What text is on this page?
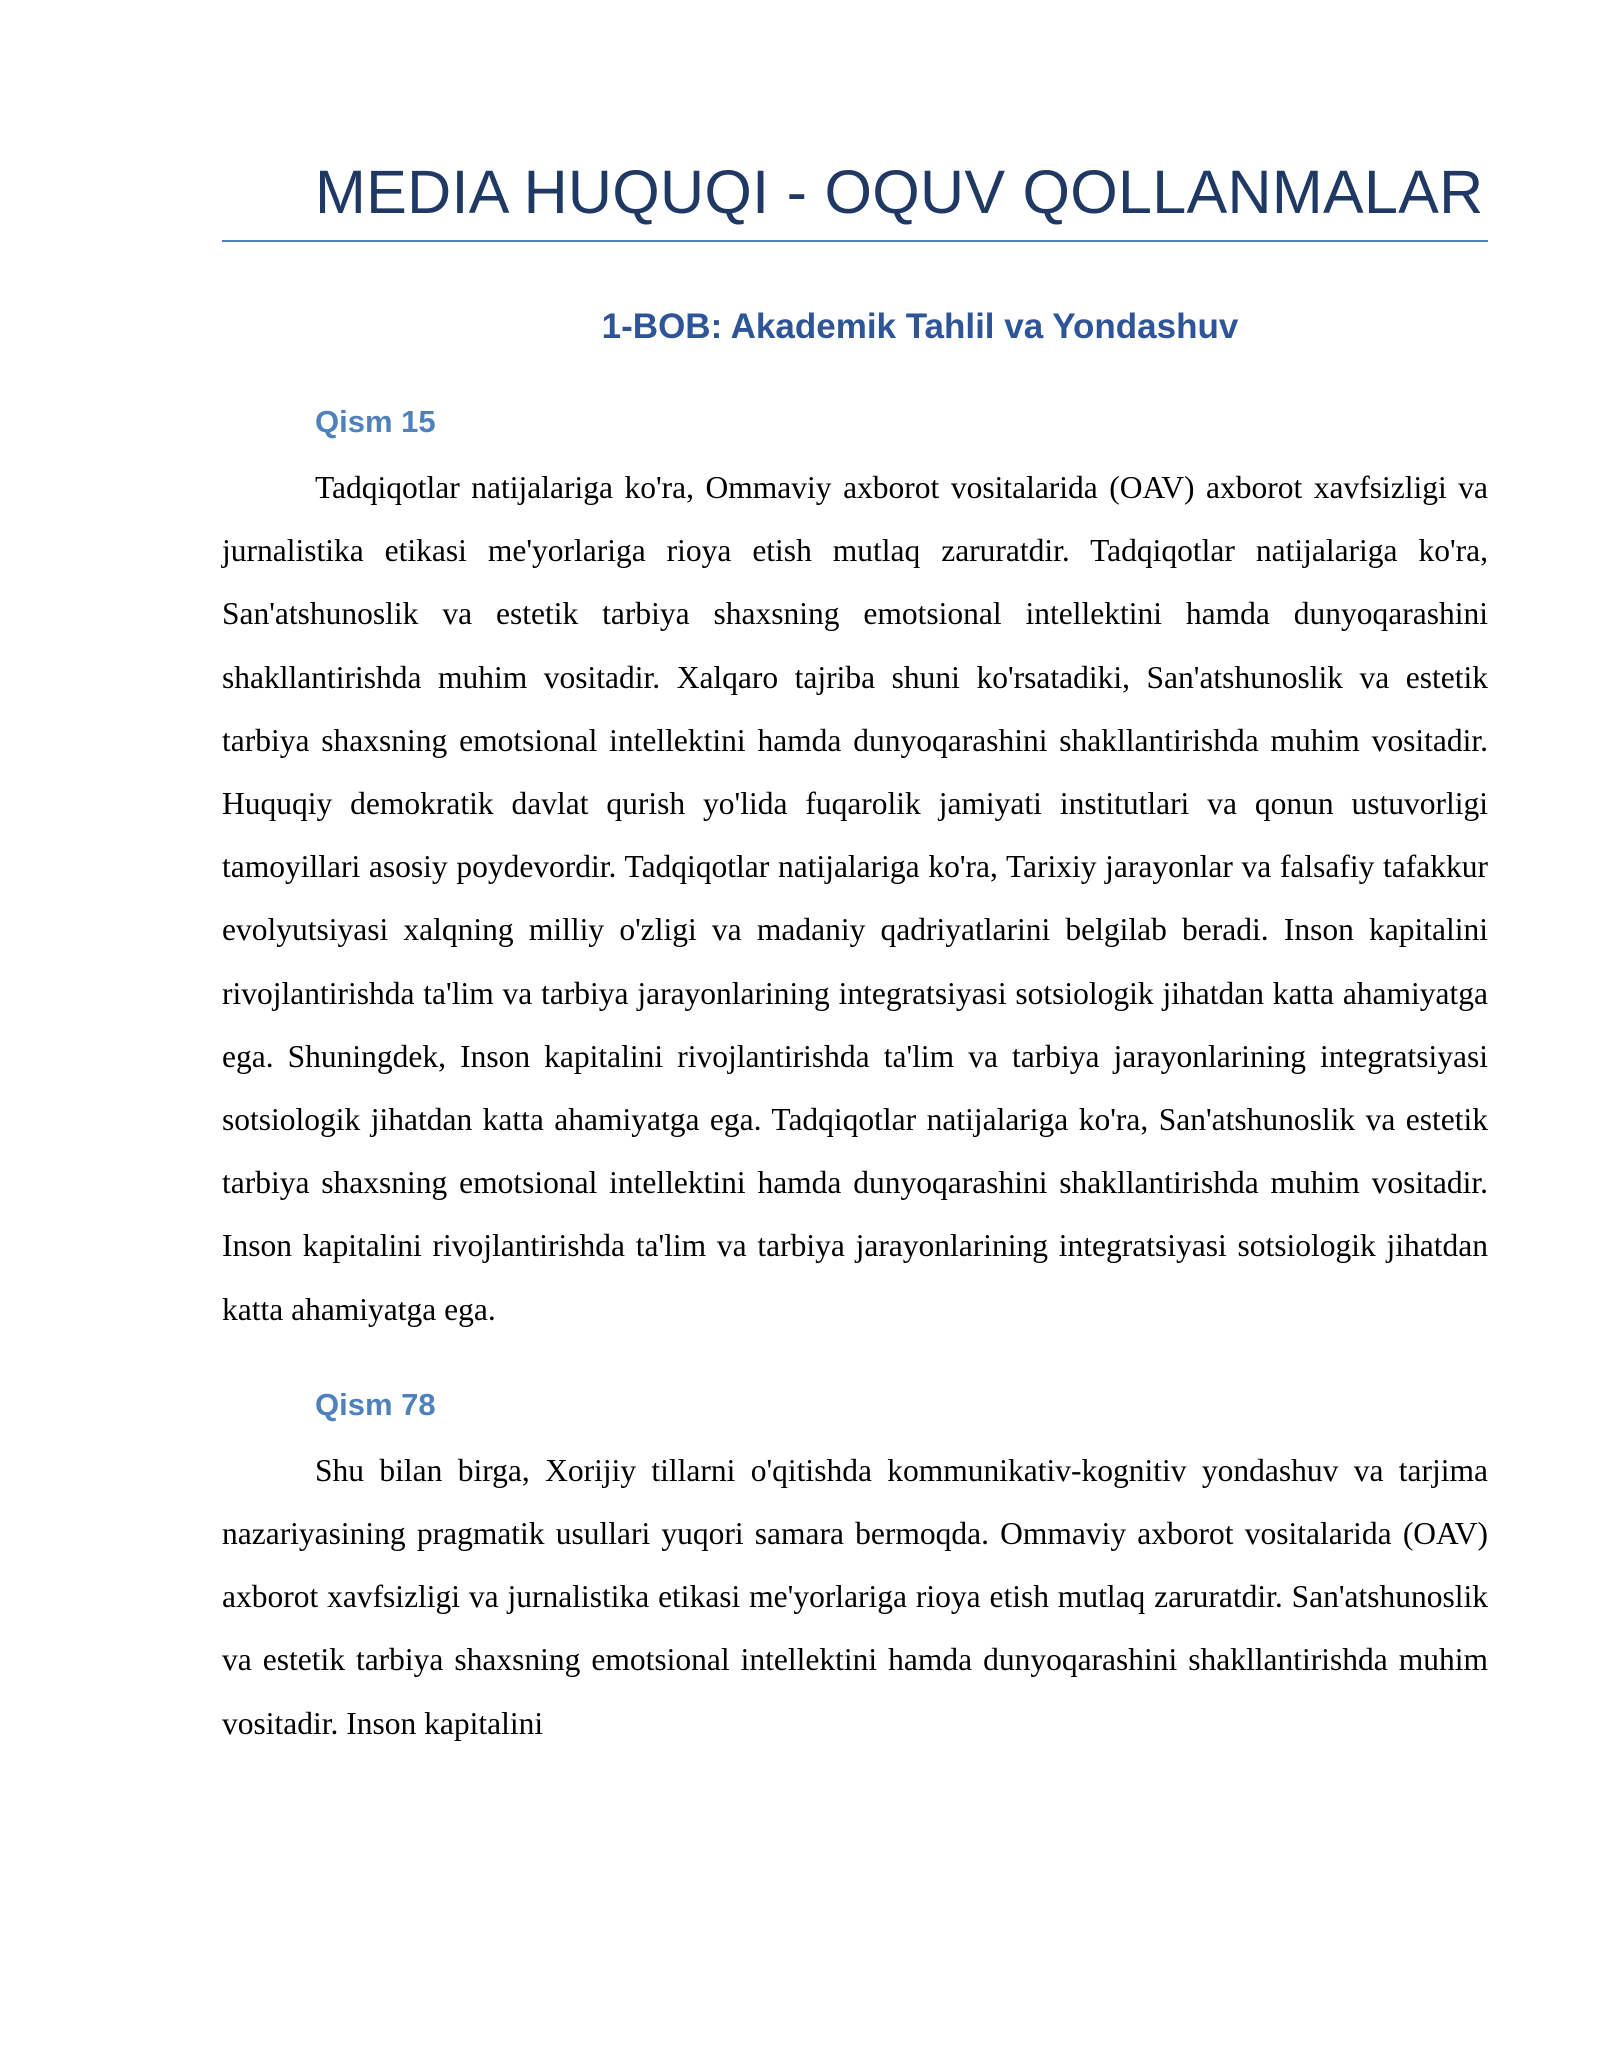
MEDIA HUQUQI - OQUV QOLLANMALAR
1-BOB: Akademik Tahlil va Yondashuv
Qism 15

Tadqiqotlar natijalariga ko'ra, Ommaviy axborot vositalarida (OAV) axborot xavfsizligi va jurnalistika etikasi me'yorlariga rioya etish mutlaq zaruratdir. Tadqiqotlar natijalariga ko'ra, San'atshunoslik va estetik tarbiya shaxsning emotsional intellektini hamda dunyoqarashini shakllantirishda muhim vositadir. Xalqaro tajriba shuni ko'rsatadiki, San'atshunoslik va estetik tarbiya shaxsning emotsional intellektini hamda dunyoqarashini shakllantirishda muhim vositadir. Huquqiy demokratik davlat qurish yo'lida fuqarolik jamiyati institutlari va qonun ustuvorligi tamoyillari asosiy poydevordir. Tadqiqotlar natijalariga ko'ra, Tarixiy jarayonlar va falsafiy tafakkur evolyutsiyasi xalqning milliy o'zligi va madaniy qadriyatlarini belgilab beradi. Inson kapitalini rivojlantirishda ta'lim va tarbiya jarayonlarining integratsiyasi sotsiologik jihatdan katta ahamiyatga ega. Shuningdek, Inson kapitalini rivojlantirishda ta'lim va tarbiya jarayonlarining integratsiyasi sotsiologik jihatdan katta ahamiyatga ega. Tadqiqotlar natijalariga ko'ra, San'atshunoslik va estetik tarbiya shaxsning emotsional intellektini hamda dunyoqarashini shakllantirishda muhim vositadir. Inson kapitalini rivojlantirishda ta'lim va tarbiya jarayonlarining integratsiyasi sotsiologik jihatdan katta ahamiyatga ega.

Qism 78

Shu bilan birga, Xorijiy tillarni o'qitishda kommunikativ-kognitiv yondashuv va tarjima nazariyasining pragmatik usullari yuqori samara bermoqda. Ommaviy axborot vositalarida (OAV) axborot xavfsizligi va jurnalistika etikasi me'yorlariga rioya etish mutlaq zaruratdir. San'atshunoslik va estetik tarbiya shaxsning emotsional intellektini hamda dunyoqarashini shakllantirishda muhim vositadir. Inson kapitalini
